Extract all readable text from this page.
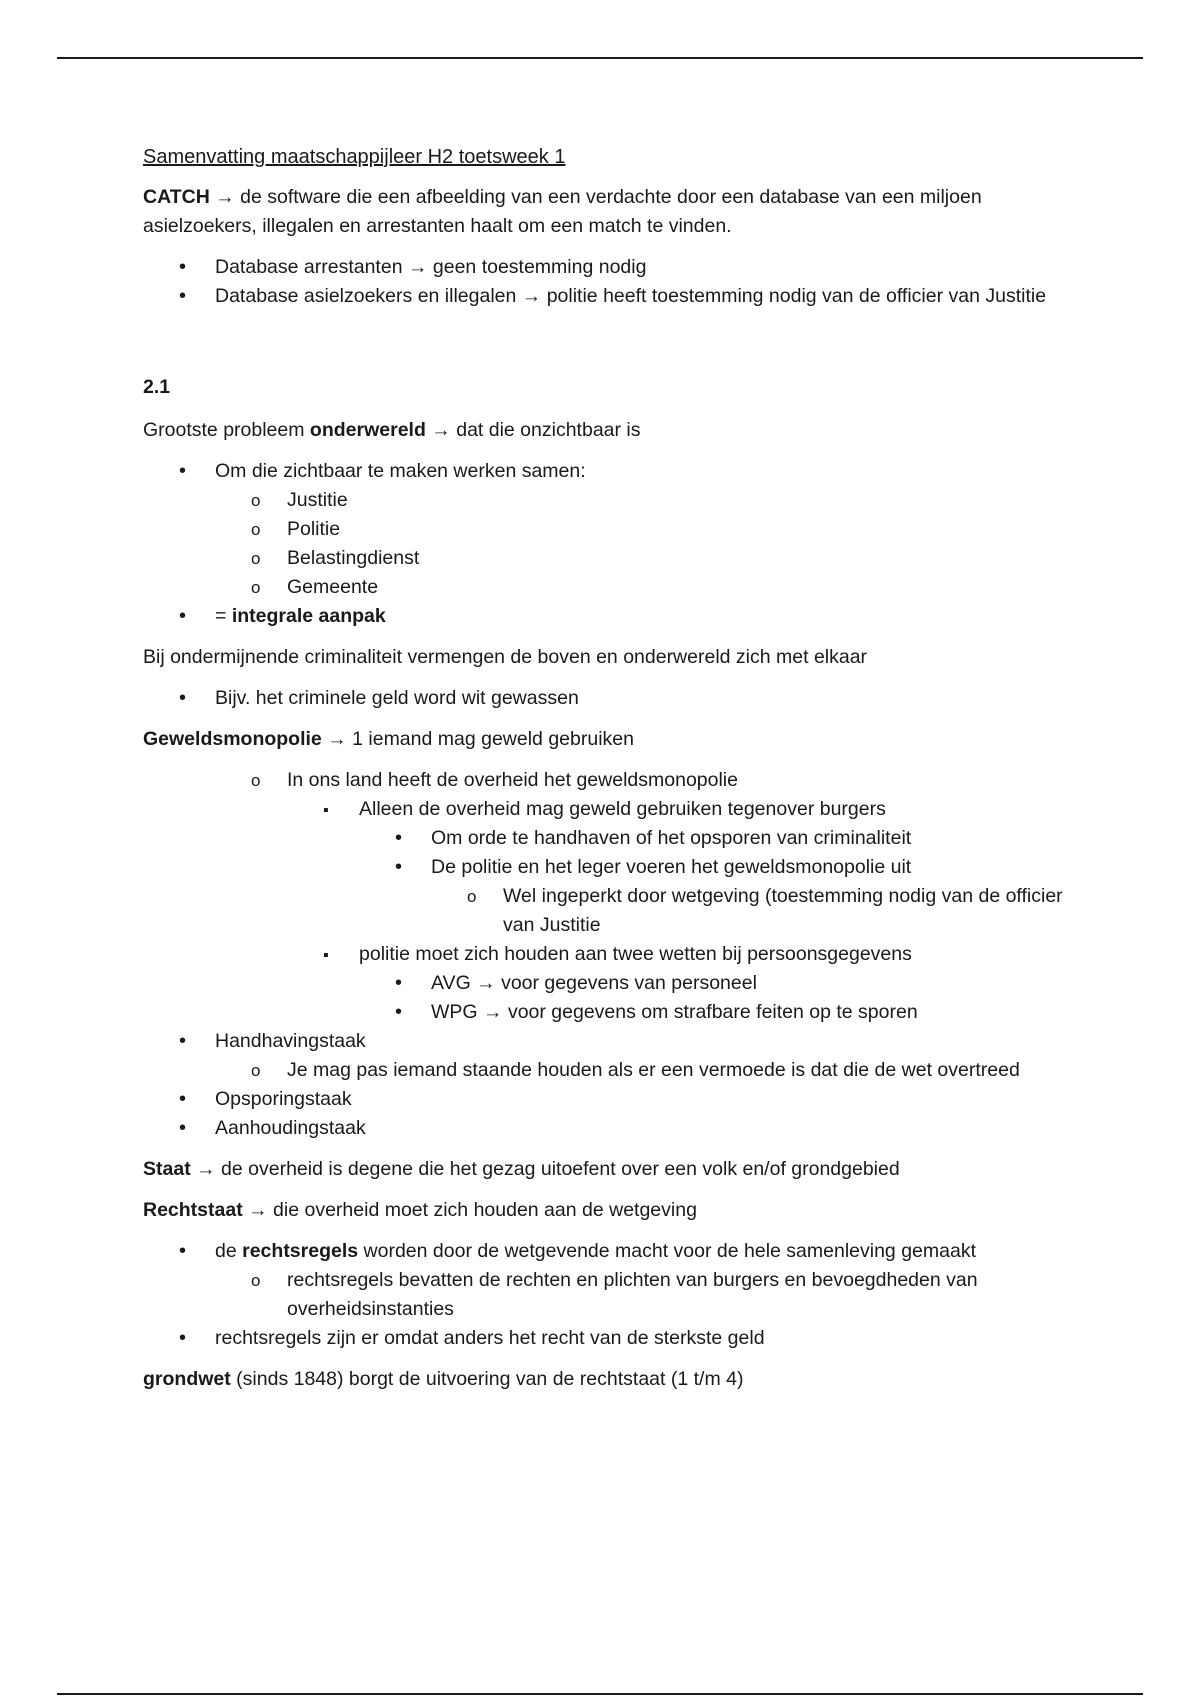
Samenvatting maatschappijleer H2 toetsweek 1

CATCH → de software die een afbeelding van een verdachte door een database van een miljoen asielzoekers, illegalen en arrestanten haalt om een match te vinden.

•
Database arrestanten → geen toestemming nodig
•
Database asielzoekers en illegalen → politie heeft toestemming nodig van de officier van Justitie

2.1

Grootste probleem onderwereld → dat die onzichtbaar is

•
Om die zichtbaar te maken werken samen:
o
Justitie
o
Politie
o
Belastingdienst
o
Gemeente
•
= integrale aanpak

Bij ondermijnende criminaliteit vermengen de boven en onderwereld zich met elkaar

•
Bijv. het criminele geld word wit gewassen

Geweldsmonopolie → 1 iemand mag geweld gebruiken

o
In ons land heeft de overheid het geweldsmonopolie
▪
Alleen de overheid mag geweld gebruiken tegenover burgers
•
Om orde te handhaven of het opsporen van criminaliteit
•
De politie en het leger voeren het geweldsmonopolie uit
o
Wel ingeperkt door wetgeving (toestemming nodig van de officier van Justitie
▪
politie moet zich houden aan twee wetten bij persoonsgegevens
•
AVG → voor gegevens van personeel
•
WPG → voor gegevens om strafbare feiten op te sporen
•
Handhavingstaak
o
Je mag pas iemand staande houden als er een vermoede is dat die de wet overtreed
•
Opsporingstaak
•
Aanhoudingstaak

Staat → de overheid is degene die het gezag uitoefent over een volk en/of grondgebied

Rechtstaat → die overheid moet zich houden aan de wetgeving

•
de rechtsregels worden door de wetgevende macht voor de hele samenleving gemaakt
o
rechtsregels bevatten de rechten en plichten van burgers en bevoegdheden van overheidsinstanties
•
rechtsregels zijn er omdat anders het recht van de sterkste geld

grondwet (sinds 1848) borgt de uitvoering van de rechtstaat (1 t/m 4)
